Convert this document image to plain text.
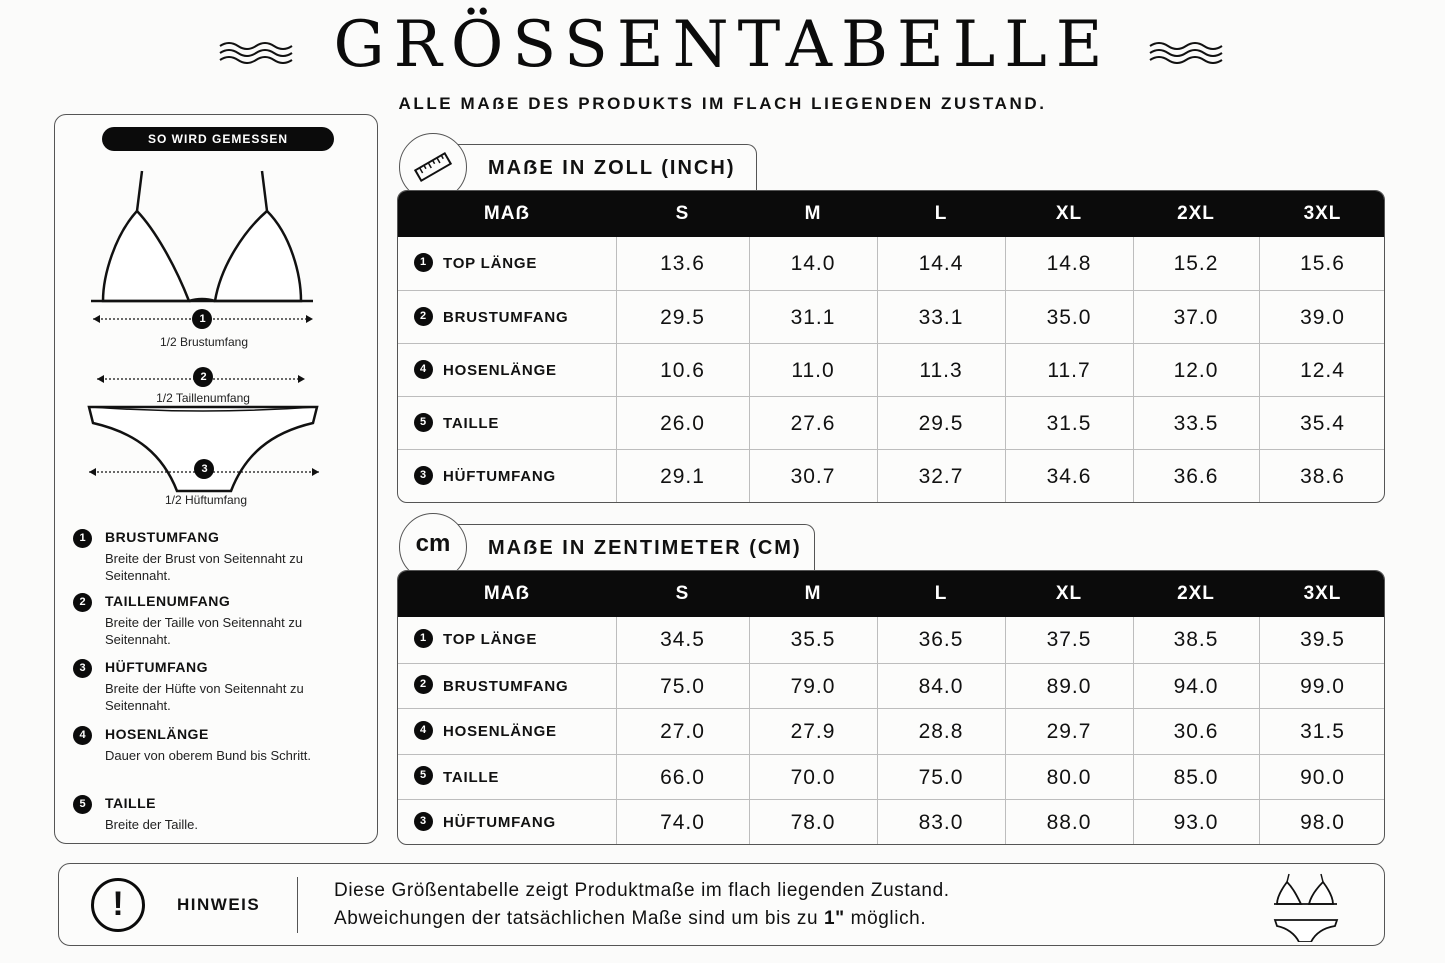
GRÖSSENTABELLE
ALLE MAẞE DES PRODUKTS IM FLACH LIEGENDEN ZUSTAND.
SO WIRD GEMESSEN
1
2
3
1/2 Brustumfang
1/2 Taillenumfang
1/2 Hüftumfang
1	BRUSTUMFANG
Breite der Brust von Seitennaht zu Seitennaht.
2	TAILLENUMFANG
Breite der Taille von Seitennaht zu Seitennaht.
3	HÜFTUMFANG
Breite der Hüfte von Seitennaht zu Seitennaht.
4	HOSENLÄNGE
Dauer von oberem Bund bis Schritt.
5	TAILLE
Breite der Taille.
MAẞE IN ZOLL (INCH)
MAẞ	S	M	L	XL	2XL	3XL
1 TOP LÄNGE	13.6	14.0	14.4	14.8	15.2	15.6
2 BRUSTUMFANG	29.5	31.1	33.1	35.0	37.0	39.0
4 HOSENLÄNGE	10.6	11.0	11.3	11.7	12.0	12.4
5 TAILLE	26.0	27.6	29.5	31.5	33.5	35.4
3 HÜFTUMFANG	29.1	30.7	32.7	34.6	36.6	38.6
cm	MAẞE IN ZENTIMETER (CM)
MAẞ	S	M	L	XL	2XL	3XL
1 TOP LÄNGE	34.5	35.5	36.5	37.5	38.5	39.5
2 BRUSTUMFANG	75.0	79.0	84.0	89.0	94.0	99.0
4 HOSENLÄNGE	27.0	27.9	28.8	29.7	30.6	31.5
5 TAILLE	66.0	70.0	75.0	80.0	85.0	90.0
3 HÜFTUMFANG	74.0	78.0	83.0	88.0	93.0	98.0
!	HINWEIS
Diese Größentabelle zeigt Produktmaße im flach liegenden Zustand.
Abweichungen der tatsächlichen Maße sind um bis zu 1" möglich.
